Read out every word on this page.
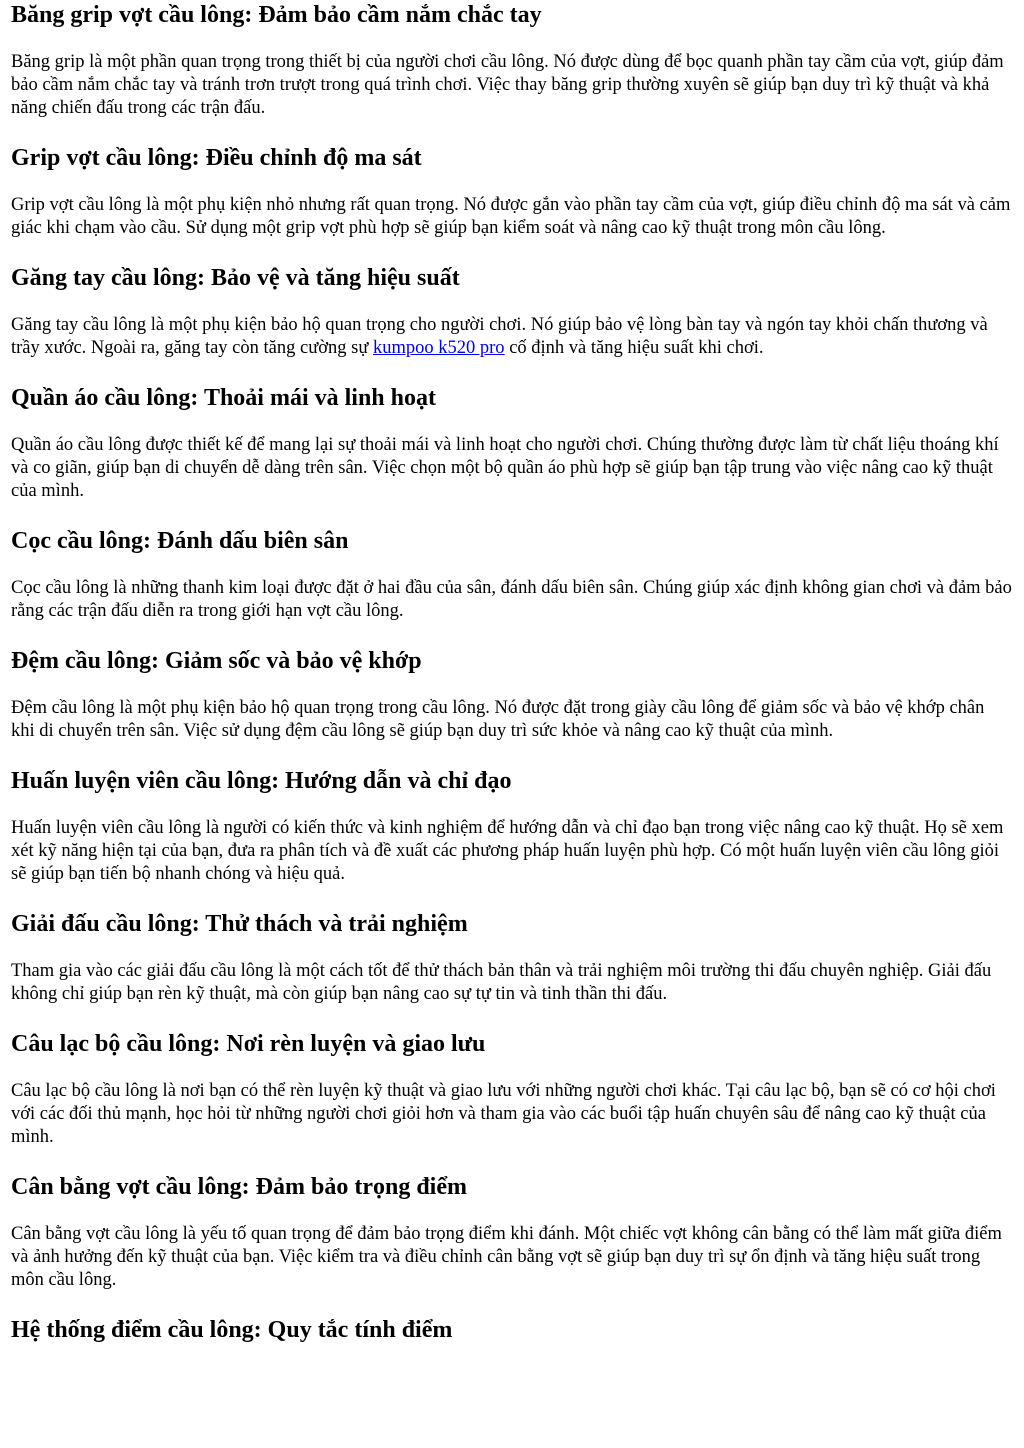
Băng grip vợt cầu lông: Đảm bảo cầm nắm chắc tay

Băng grip là một phần quan trọng trong thiết bị của người chơi cầu lông. Nó được dùng để bọc quanh phần tay cầm của vợt, giúp đảm bảo cầm nắm chắc tay và tránh trơn trượt trong quá trình chơi. Việc thay băng grip thường xuyên sẽ giúp bạn duy trì kỹ thuật và khả năng chiến đấu trong các trận đấu.

Grip vợt cầu lông: Điều chỉnh độ ma sát

Grip vợt cầu lông là một phụ kiện nhỏ nhưng rất quan trọng. Nó được gắn vào phần tay cầm của vợt, giúp điều chỉnh độ ma sát và cảm giác khi chạm vào cầu. Sử dụng một grip vợt phù hợp sẽ giúp bạn kiểm soát và nâng cao kỹ thuật trong môn cầu lông.

Găng tay cầu lông: Bảo vệ và tăng hiệu suất

Găng tay cầu lông là một phụ kiện bảo hộ quan trọng cho người chơi. Nó giúp bảo vệ lòng bàn tay và ngón tay khỏi chấn thương và trầy xước. Ngoài ra, găng tay còn tăng cường sự kumpoo k520 pro cố định và tăng hiệu suất khi chơi.

Quần áo cầu lông: Thoải mái và linh hoạt

Quần áo cầu lông được thiết kế để mang lại sự thoải mái và linh hoạt cho người chơi. Chúng thường được làm từ chất liệu thoáng khí và co giãn, giúp bạn di chuyển dễ dàng trên sân. Việc chọn một bộ quần áo phù hợp sẽ giúp bạn tập trung vào việc nâng cao kỹ thuật của mình.

Cọc cầu lông: Đánh dấu biên sân

Cọc cầu lông là những thanh kim loại được đặt ở hai đầu của sân, đánh dấu biên sân. Chúng giúp xác định không gian chơi và đảm bảo rằng các trận đấu diễn ra trong giới hạn vợt cầu lông.

Đệm cầu lông: Giảm sốc và bảo vệ khớp

Đệm cầu lông là một phụ kiện bảo hộ quan trọng trong cầu lông. Nó được đặt trong giày cầu lông để giảm sốc và bảo vệ khớp chân khi di chuyển trên sân. Việc sử dụng đệm cầu lông sẽ giúp bạn duy trì sức khỏe và nâng cao kỹ thuật của mình.

Huấn luyện viên cầu lông: Hướng dẫn và chỉ đạo

Huấn luyện viên cầu lông là người có kiến thức và kinh nghiệm để hướng dẫn và chỉ đạo bạn trong việc nâng cao kỹ thuật. Họ sẽ xem xét kỹ năng hiện tại của bạn, đưa ra phân tích và đề xuất các phương pháp huấn luyện phù hợp. Có một huấn luyện viên cầu lông giỏi sẽ giúp bạn tiến bộ nhanh chóng và hiệu quả.

Giải đấu cầu lông: Thử thách và trải nghiệm

Tham gia vào các giải đấu cầu lông là một cách tốt để thử thách bản thân và trải nghiệm môi trường thi đấu chuyên nghiệp. Giải đấu không chỉ giúp bạn rèn kỹ thuật, mà còn giúp bạn nâng cao sự tự tin và tinh thần thi đấu.

Câu lạc bộ cầu lông: Nơi rèn luyện và giao lưu

Câu lạc bộ cầu lông là nơi bạn có thể rèn luyện kỹ thuật và giao lưu với những người chơi khác. Tại câu lạc bộ, bạn sẽ có cơ hội chơi với các đối thủ mạnh, học hỏi từ những người chơi giỏi hơn và tham gia vào các buổi tập huấn chuyên sâu để nâng cao kỹ thuật của mình.

Cân bằng vợt cầu lông: Đảm bảo trọng điểm

Cân bằng vợt cầu lông là yếu tố quan trọng để đảm bảo trọng điểm khi đánh. Một chiếc vợt không cân bằng có thể làm mất giữa điểm và ảnh hưởng đến kỹ thuật của bạn. Việc kiểm tra và điều chỉnh cân bằng vợt sẽ giúp bạn duy trì sự ổn định và tăng hiệu suất trong môn cầu lông.

Hệ thống điểm cầu lông: Quy tắc tính điểm
